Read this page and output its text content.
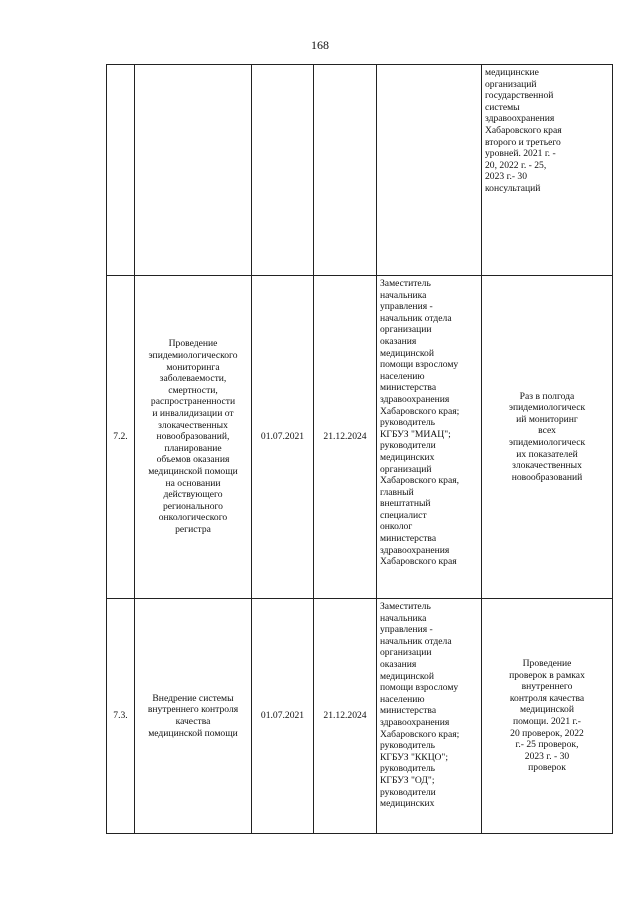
168
медицинские
организаций
государственной
системы
здравоохранения
Хабаровского края
второго и третьего
уровней. 2021 г. -
20, 2022 г. - 25,
2023 г.- 30
консультаций
7.2.
Проведение
эпидемиологического
мониторинга
заболеваемости,
смертности,
распространенности
и инвалидизации от
злокачественных
новообразований,
планирование
объемов оказания
медицинской помощи
на основании
действующего
регионального
онкологического
регистра
01.07.2021	21.12.2024
Заместитель
начальника
управления -
начальник отдела
организации
оказания
медицинской
помощи взрослому
населению
министерства
здравоохранения
Хабаровского края;
руководитель
КГБУЗ "МИАЦ";
руководители
медицинских
организаций
Хабаровского края,
главный
внештатный
специалист
онколог
министерства
здравоохранения
Хабаровского края
Раз в полгода
эпидемиологическ
ий мониторинг
всех
эпидемиологическ
их показателей
злокачественных
новообразований
7.3.
Внедрение системы
внутреннего контроля
качества
медицинской помощи
01.07.2021	21.12.2024
Заместитель
начальника
управления -
начальник отдела
организации
оказания
медицинской
помощи взрослому
населению
министерства
здравоохранения
Хабаровского края;
руководитель
КГБУЗ "ККЦО";
руководитель
КГБУЗ "ОД";
руководители
медицинских
Проведение
проверок в рамках
внутреннего
контроля качества
медицинской
помощи. 2021 г.-
20 проверок, 2022
г.- 25 проверок,
2023 г. - 30
проверок
